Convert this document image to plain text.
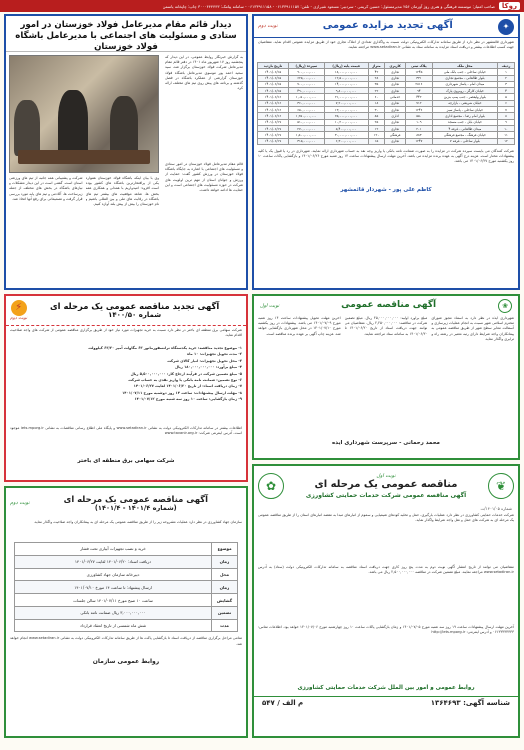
روکا
صاحب امتیاز: موسسه فرهنگی و هنری روژ آورمان ۲۵۶ مدیرمسئول: حسین کریمی - سردبیر: مسعود شیرازی - تلفن: ۰۶۱۳۳۹۱۱۱۵۷ - ۰۶۱۳۳۹۱۱۱۵۸ - سامانه پیامک: ۳۰۰۰۴۴۴۴۴۳ چاپ: چاپخانه یاسمن
✦
آگهی تجدید مزایده عمومی
نوبت دوم
شهرداری قائمشهر در نظر دارد از طریق سامانه تدارکات الکترونیکی دولت نسبت به واگذاری تعدادی از املاک تجاری خود از طریق مزایده عمومی اقدام نماید. متقاضیان جهت کسب اطلاعات بیشتر و دریافت اسناد مزایده به سامانه ستاد به نشانی www.setadiran.ir مراجعه نمایند.
ردیف	محل ملک	پلاک ثبتی	کاربری	متراژ	قیمت پایه (ریال)	سپرده (ریال)	تاریخ بازدید
۱	خیابان ساحلی - جنب بانک ملی	۱۲۴۵	تجاری	۴۲	۱۸,۰۰۰,۰۰۰,۰۰۰	۹۰۰,۰۰۰,۰۰۰	۱۴۰۱/۰۶/۱۵
۲	بلوار طالقانی - مجتمع تجاری	۳۳۱	تجاری	۲۸	۱۲,۵۰۰,۰۰۰,۰۰۰	۶۲۵,۰۰۰,۰۰۰	۱۴۰۱/۰۶/۱۵
۳	میدان امام - پاساژ شهرداری	۲۸۱۶	تجاری	۳۵	۱۴,۰۰۰,۰۰۰,۰۰۰	۷۰۰,۰۰۰,۰۰۰	۱۴۰۱/۰۶/۱۵
۴	خیابان کارگر - روبروی پارک	۹۴	تجاری	۲۲	۹,۸۰۰,۰۰۰,۰۰۰	۴۹۰,۰۰۰,۰۰۰	۱۴۰۱/۰۶/۱۵
۵	بلوار ولیعصر - جنب پمپ بنزین	۴۴۲	خدماتی	۶۰	۲۱,۰۰۰,۰۰۰,۰۰۰	۱,۰۵۰,۰۰۰,۰۰۰	۱۴۰۱/۰۶/۱۶
۶	خیابان شریعتی - بازارچه	۷۱۲	تجاری	۱۸	۷,۲۰۰,۰۰۰,۰۰۰	۳۶۰,۰۰۰,۰۰۰	۱۴۰۱/۰۶/۱۶
۷	خیابان ساحلی - پاساژ سبز	۱۲۴۶	تجاری	۳۰	۱۳,۰۰۰,۰۰۰,۰۰۰	۶۵۰,۰۰۰,۰۰۰	۱۴۰۱/۰۶/۱۶
۸	بلوار امام رضا - مجتمع اداری	۵۵۰	اداری	۸۵	۲۵,۰۰۰,۰۰۰,۰۰۰	۱,۲۵۰,۰۰۰,۰۰۰	۱۴۰۱/۰۶/۱۶
۹	خیابان بابل - جنب مسجد	۱۰۹	تجاری	۲۵	۱۰,۲۰۰,۰۰۰,۰۰۰	۵۱۰,۰۰۰,۰۰۰	۱۴۰۱/۰۶/۱۷
۱۰	میدان طالقانی - غرفه ۴	۲۰۱	تجاری	۱۲	۵,۴۰۰,۰۰۰,۰۰۰	۲۷۰,۰۰۰,۰۰۰	۱۴۰۱/۰۶/۱۷
۱۱	خیابان فرهنگ - مجتمع فرهنگی	۸۸۳	فرهنگی	۱۲۰	۳۰,۰۰۰,۰۰۰,۰۰۰	۱,۵۰۰,۰۰۰,۰۰۰	۱۴۰۱/۰۶/۱۷
۱۲	بلوار ساحلی - غرفه ۷	۱۲۴۷	تجاری	۱۵	۶,۳۰۰,۰۰۰,۰۰۰	۳۱۵,۰۰۰,۰۰۰	۱۴۰۱/۰۶/۱۷
شرکت کنندگان می بایست سپرده شرکت در مزایده را به صورت ضمانت نامه بانکی یا واریز وجه نقد به حساب شهرداری ارائه نمایند. شهرداری در رد یا قبول یک یا کلیه پیشنهادات مختار است. هزینه درج آگهی به عهده برنده مزایده می باشد. آخرین مهلت ارسال پیشنهادات ساعت ۱۴ روز شنبه مورخ ۱۴۰۱/۰۶/۲۶ و بازگشایی پاکات ساعت ۱۰ روز یکشنبه مورخ ۱۴۰۱/۰۶/۲۷ می باشد.
کاظم علی پور - شهردار قائمشهر
دیدار قائم مقام مدیرعامل فولاد خوزستان در امور ستادی و مسئولیت های اجتماعی با مدیرعامل باشگاه فولاد خوزستان
به گزارش خبرنگار روابط عمومی، در این دیدار که پنجشنبه روز ۱۷ شهریور ماه ۱۴۰۱ در دفتر قائم مقام مدیرعامل شرکت فولاد خوزستان برگزار شد، سید سعید احمد پور موسوی مدیرعامل باشگاه فولاد خوزستان گزارشی از عملکرد باشگاه در فصل گذشته و برنامه های پیش روی تیم های مختلف ارائه کرد.
قائم مقام مدیرعامل فولاد خوزستان در امور ستادی و مسئولیت های اجتماعی با اشاره به جایگاه باشگاه فولاد خوزستان در ورزش کشور گفت: حمایت از ورزش و جوانان استان از مهم ترین اولویت های شرکت در حوزه مسئولیت های اجتماعی است و این حمایت ها ادامه خواهد داشت.
وی با بیان اینکه باشگاه فولاد خوزستان همواره یکی از پرافتخارترین باشگاه های کشور بوده است افزود: امیدواریم با همدلی و همکاری همه بخش ها، شاهد موفقیت های بیشتر تیم های باشگاه در رقابت های ملی و بین المللی باشیم و نام خوزستان را بیش از پیش بلند آوازه کنیم.
شرکت و پشتیبانی همه جانبه از تیم های ورزشی استان است. گفتنی است در این دیدار مشکلات و نیازهای باشگاه در بخش های مختلف از جمله زیرساخت ها، آکادمی و تیم های پایه مورد بررسی قرار گرفت و تصمیماتی برای رفع آنها اتخاذ شد.
آگهی تجدید مناقصه عمومی یک مرحله ای
شماره ۱۴۰۰/۵۰
⚡
نوبت دوم
شرکت سهامی برق منطقه ای باختر در نظر دارد نسبت به خرید تجهیزات مورد نیاز خود از طریق برگزاری مناقصه عمومی از شرکت های واجد صلاحیت اقدام نماید.
۱- موضوع تجدید مناقصه: خرید یکدستگاه ترانسفورماتور ۶۳ مگاولت آمپر ۶۳/۲۰ کیلوولت
۲- مدت تحویل تجهیزات: ۱۰ ماه
۳- محل تحویل تجهیزات: انبار کالای شرکت
۴- مبلغ برآورد: ۱۸۰,۰۰۰,۰۰۰,۰۰۰ ریال
۵- مبلغ تضمین شرکت در فرآیند ارجاع کار: ۵,۵۰۰,۰۰۰,۰۰۰ ریال
۶- نوع تضمین: ضمانت نامه بانکی یا واریز نقدی به حساب شرکت
۷- زمان دریافت اسناد: از تاریخ ۱۴۰۱/۰۶/۲۰ لغایت ۱۴۰۱/۰۶/۲۷
۸- مهلت ارسال پیشنهادات: ساعت ۱۴ روز دوشنبه مورخ ۱۴۰۱/۰۷/۱۱
۹- زمان بازگشایی: ساعت ۱۰ روز سه شنبه مورخ ۱۴۰۱/۰۷/۱۲
اطلاعات بیشتر در سامانه تدارکات الکترونیکی دولت به نشانی www.setadiran.ir و پایگاه ملی اطلاع رسانی مناقصات به نشانی iets.mporg.ir موجود است. آدرس اینترنتی شرکت: www.tavanir.org.ir
شرکت سهامی برق منطقه ای باختر
❀
آگهی مناقصه عمومی
نوبت اول
شهرداری ایذه در نظر دارد به استناد مجوز شورای محترم اسلامی شهر نسبت به انجام عملیات زیرسازی و آسفالت معابر سطح شهر از طریق مناقصه عمومی به پیمانکاران واجد شرایط دارای رتبه معتبر در رشته راه و ترابری واگذار نماید.
مبلغ برآورد اولیه: ۴۵,۰۰۰,۰۰۰,۰۰۰ ریال. مبلغ تضمین شرکت در مناقصه: ۲,۲۵۰,۰۰۰,۰۰۰ ریال. متقاضیان می توانند جهت دریافت اسناد از تاریخ ۱۴۰۱/۰۶/۲۰ تا ۱۴۰۱/۰۶/۳۰ به سامانه ستاد مراجعه نمایند.
آخرین مهلت تحویل پیشنهادات ساعت ۱۴ روز شنبه مورخ ۱۴۰۱/۰۷/۰۹ می باشد. پیشنهادات در روز یکشنبه مورخ ۱۴۰۱/۰۷/۱۰ در محل شهرداری بازگشایی خواهد شد. هزینه چاپ آگهی بر عهده برنده مناقصه است.
محمد رحمانی - سرپرست شهرداری ایذه
آگهی مناقصه عمومی یک مرحله ای
(شماره ۱۴۰۱/۴ - ۱۴۰۱/۴)
نوبت دوم
سازمان جهاد کشاورزی در نظر دارد عملیات مشروحه زیر را از طریق مناقصه عمومی یک مرحله ای به پیمانکاران واجد صلاحیت واگذار نماید.
موضوع	خرید و نصب تجهیزات آبیاری تحت فشار
زمان	دریافت اسناد: ۱۴۰۱/۰۶/۲۰ لغایت ۱۴۰۱/۰۶/۲۷
محل	دبیرخانه سازمان جهاد کشاورزی
زمان	ارسال پیشنهاد: تا ساعت ۱۴ مورخ ۱۴۰۱/۰۷/۱۰
گشایش	ساعت ۱۰ صبح مورخ ۱۴۰۱/۰۷/۱۱ سالن جلسات
تضمین	۳,۰۰۰,۰۰۰,۰۰۰ ریال ضمانت نامه بانکی
مدت	شش ماه شمسی از تاریخ انعقاد قرارداد
تمامی مراحل برگزاری مناقصه از دریافت اسناد تا بازگشایی پاکت ها از طریق سامانه تدارکات الکترونیکی دولت به نشانی www.setadiran.ir انجام خواهد شد.
روابط عمومی سازمان
❦
نوبت اول
مناقصه عمومی یک مرحله ای
آگهی مناقصه عمومی شرکت خدمات حمایتی کشاورزی
✿
شماره ۱۴۰۱/۰۵/ت
شرکت خدمات حمایتی کشاورزی در نظر دارد عملیات بارگیری، حمل و تخلیه کودهای شیمیایی و سموم از انبارهای مبدا به مقصد انبارهای استان را از طریق مناقصه عمومی یک مرحله ای به شرکت های حمل و نقل واجد شرایط واگذار نماید.
متقاضیان می توانند از تاریخ انتشار آگهی نوبت دوم به مدت پنج روز کاری جهت دریافت اسناد مناقصه به سامانه تدارکات الکترونیکی دولت (ستاد) به آدرس www.setadiran.ir مراجعه نمایند. مبلغ تضمین شرکت در مناقصه ۲,۵۰۰,۰۰۰,۰۰۰ ریال می باشد.
آخرین مهلت ارسال پیشنهادات ساعت ۱۹ روز سه شنبه مورخ ۱۴۰۱/۰۷/۰۵ و زمان بازگشایی پاکات ساعت ۱۰ روز چهارشنبه مورخ ۱۴۰۱/۰۷/۰۶ خواهد بود. اطلاعات تماس: ۰۶۱۳۳۳۳۳۳۳۳ و آدرس اینترنتی: http://iets.mporg.ir
روابط عمومی و امور بین الملل شرکت خدمات حمایتی کشاورزی
شناسه آگهی: ۱۳۶۴۶۹۳
م الف / ۵۴۷
